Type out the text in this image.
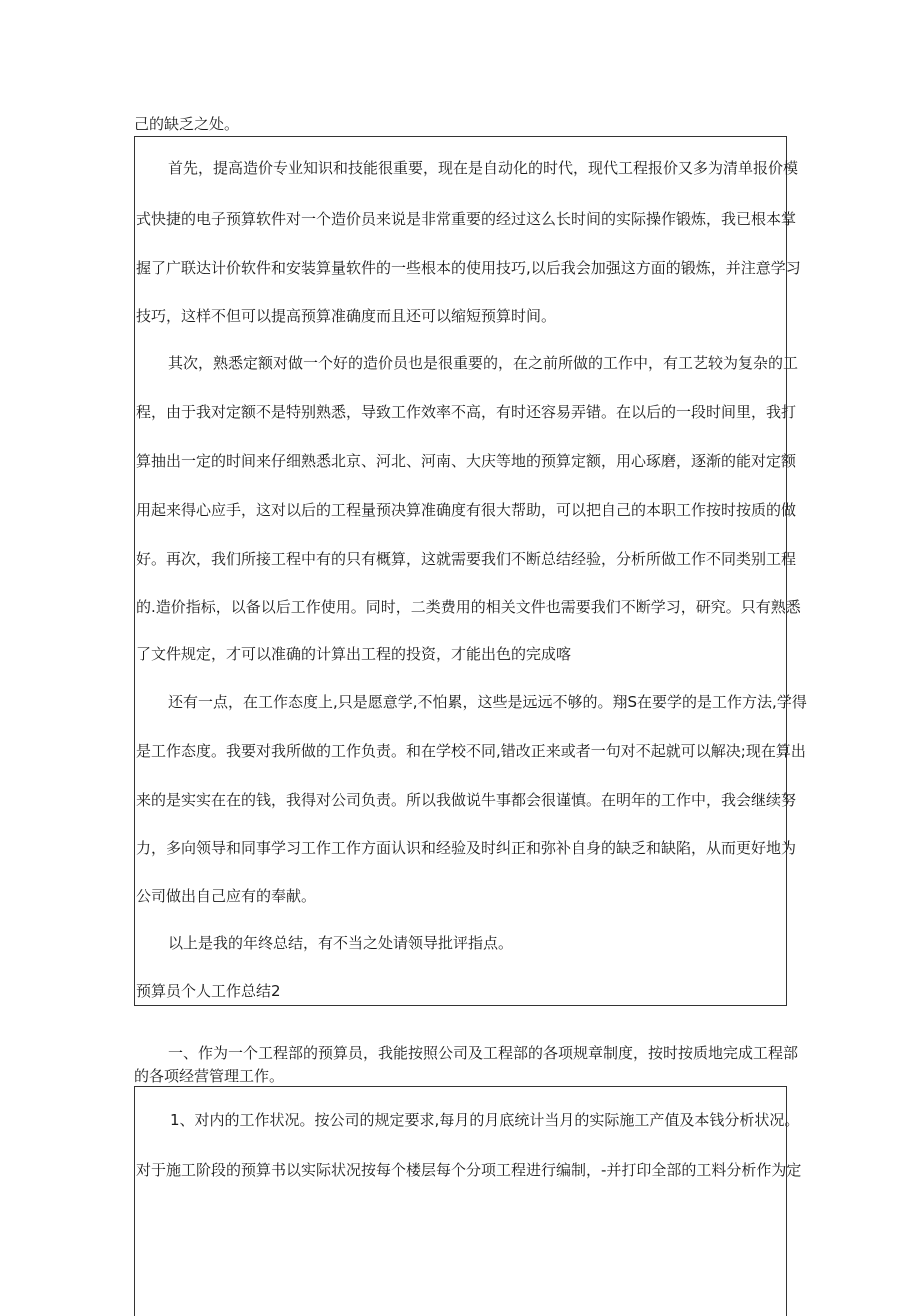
己的缺乏之处。
首先，提高造价专业知识和技能很重要，现在是自动化的时代，现代工程报价又多为清单报价模
式快捷的电子预算软件对一个造价员来说是非常重要的经过这么长时间的实际操作锻炼，我已根本掌
握了广联达计价软件和安装算量软件的一些根本的使用技巧,以后我会加强这方面的锻炼，并注意学习
技巧，这样不但可以提高预算准确度而且还可以缩短预算时间。
其次，熟悉定额对做一个好的造价员也是很重要的，在之前所做的工作中，有工艺较为复杂的工
程，由于我对定额不是特别熟悉，导致工作效率不高，有时还容易弄错。在以后的一段时间里，我打
算抽出一定的时间来仔细熟悉北京、河北、河南、大庆等地的预算定额，用心琢磨，逐渐的能对定额
用起来得心应手，这对以后的工程量预决算准确度有很大帮助，可以把自己的本职工作按时按质的做
好。再次，我们所接工程中有的只有概算，这就需要我们不断总结经验，分析所做工作不同类别工程
的.造价指标，以备以后工作使用。同时，二类费用的相关文件也需要我们不断学习，研究。只有熟悉
了文件规定，才可以准确的计算出工程的投资，才能出色的完成喀
还有一点，在工作态度上,只是愿意学,不怕累，这些是远远不够的。翔S在要学的是工作方法,学得
是工作态度。我要对我所做的工作负责。和在学校不同,错改正来或者一句对不起就可以解决;现在算出
来的是实实在在的钱，我得对公司负责。所以我做说牛事都会很谨慎。在明年的工作中，我会继续努
力，多向领导和同事学习工作工作方面认识和经验及时纠正和弥补自身的缺乏和缺陷，从而更好地为
公司做出自己应有的奉献。
以上是我的年终总结，有不当之处请领导批评指点。
预算员个人工作总结2
一、作为一个工程部的预算员，我能按照公司及工程部的各项规章制度，按时按质地完成工程部
的各项经营管理工作。
1、对内的工作状况。按公司的规定要求,每月的月底统计当月的实际施工产值及本钱分析状况。
对于施工阶段的预算书以实际状况按每个楼层每个分项工程进行编制，-并打印全部的工料分析作为定
